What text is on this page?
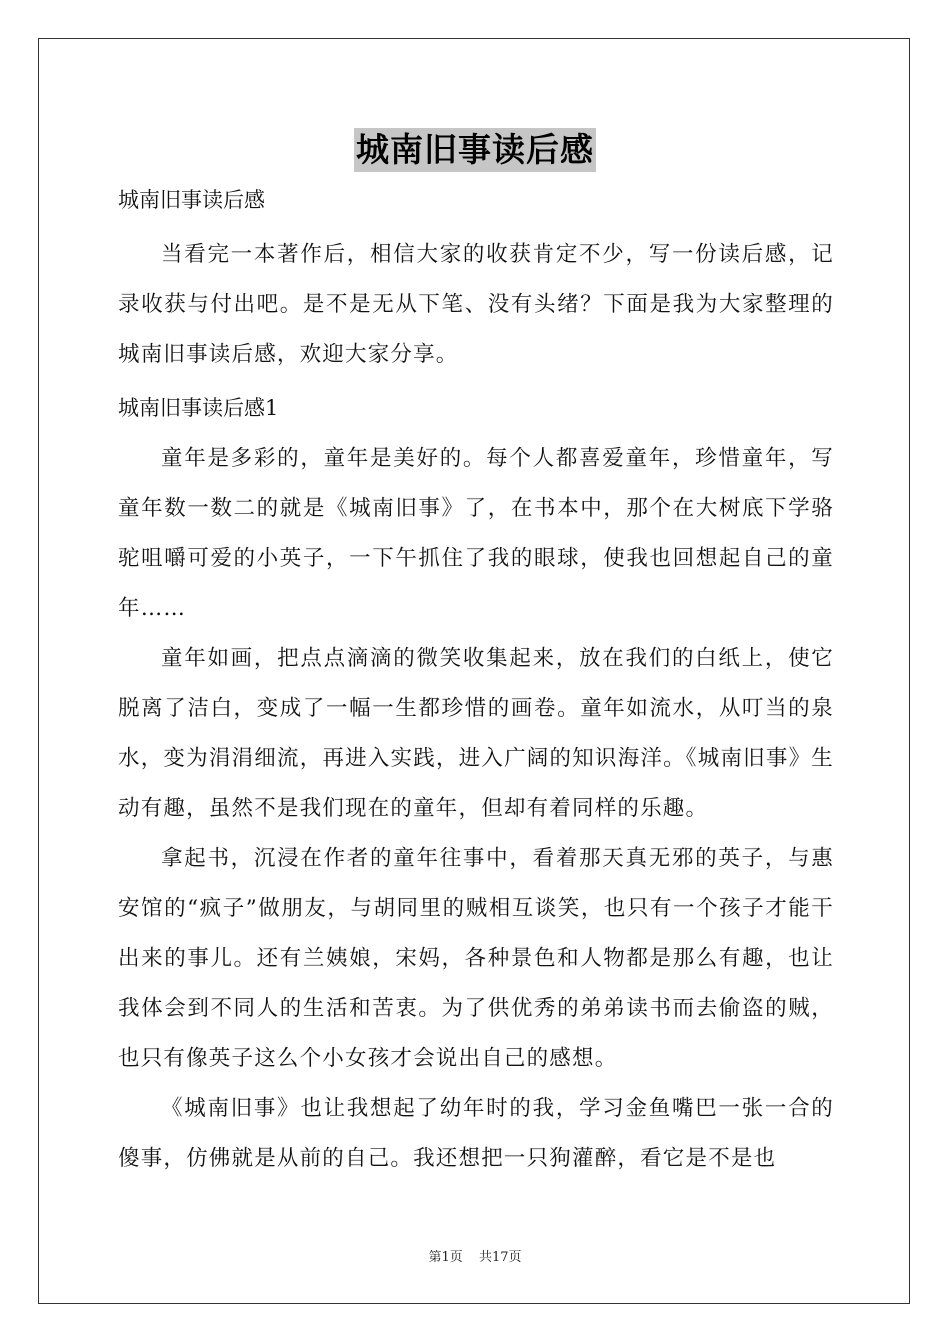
城南旧事读后感
城南旧事读后感

当看完一本著作后，相信大家的收获肯定不少，写一份读后感，记录收获与付出吧。是不是无从下笔、没有头绪？下面是我为大家整理的城南旧事读后感，欢迎大家分享。

城南旧事读后感1

童年是多彩的，童年是美好的。每个人都喜爱童年，珍惜童年，写童年数一数二的就是《城南旧事》了，在书本中，那个在大树底下学骆驼咀嚼可爱的小英子，一下午抓住了我的眼球，使我也回想起自己的童年……

童年如画，把点点滴滴的微笑收集起来，放在我们的白纸上，使它脱离了洁白，变成了一幅一生都珍惜的画卷。童年如流水，从叮当的泉水，变为涓涓细流，再进入实践，进入广阔的知识海洋。《城南旧事》生动有趣，虽然不是我们现在的童年，但却有着同样的乐趣。

拿起书，沉浸在作者的童年往事中，看着那天真无邪的英子，与惠安馆的“疯子”做朋友，与胡同里的贼相互谈笑，也只有一个孩子才能干出来的事儿。还有兰姨娘，宋妈，各种景色和人物都是那么有趣，也让我体会到不同人的生活和苦衷。为了供优秀的弟弟读书而去偷盗的贼，也只有像英子这么个小女孩才会说出自己的感想。

《城南旧事》也让我想起了幼年时的我，学习金鱼嘴巴一张一合的傻事，仿佛就是从前的自己。我还想把一只狗灌醉，看它是不是也

第1页 共17页
